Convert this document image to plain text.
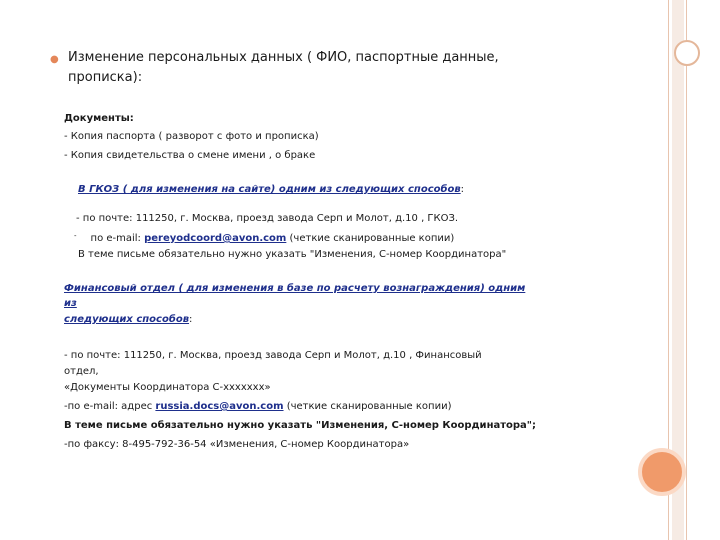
● Изменение персональных данных ( ФИО, паспортные данные,
прописка):
Документы:
- Копия паспорта ( разворот с фото и прописка)
- Копия свидетельства о смене имени , о браке
В ГКОЗ ( для изменения на сайте) одним из следующих способов:
- по почте: 111250, г. Москва, проезд завода Серп и Молот, д.10 , ГКОЗ.
- по e-mail: pereyodcoord@avon.com (четкие сканированные копии)
В теме письме обязательно нужно указать "Изменения, С-номер Координатора"
Финансовый отдел ( для изменения в базе по расчету вознаграждения) одним
из
следующих способов:
- по почте: 111250, г. Москва, проезд завода Серп и Молот, д.10 , Финансовый
отдел,
«Документы Координатора С-xxxxxxx»
-по e-mail: адрес russia.docs@avon.com (четкие сканированные копии)
В теме письме обязательно нужно указать "Изменения, С-номер Координатора";
-по факсу: 8-495-792-36-54 «Изменения, С-номер Координатора»
